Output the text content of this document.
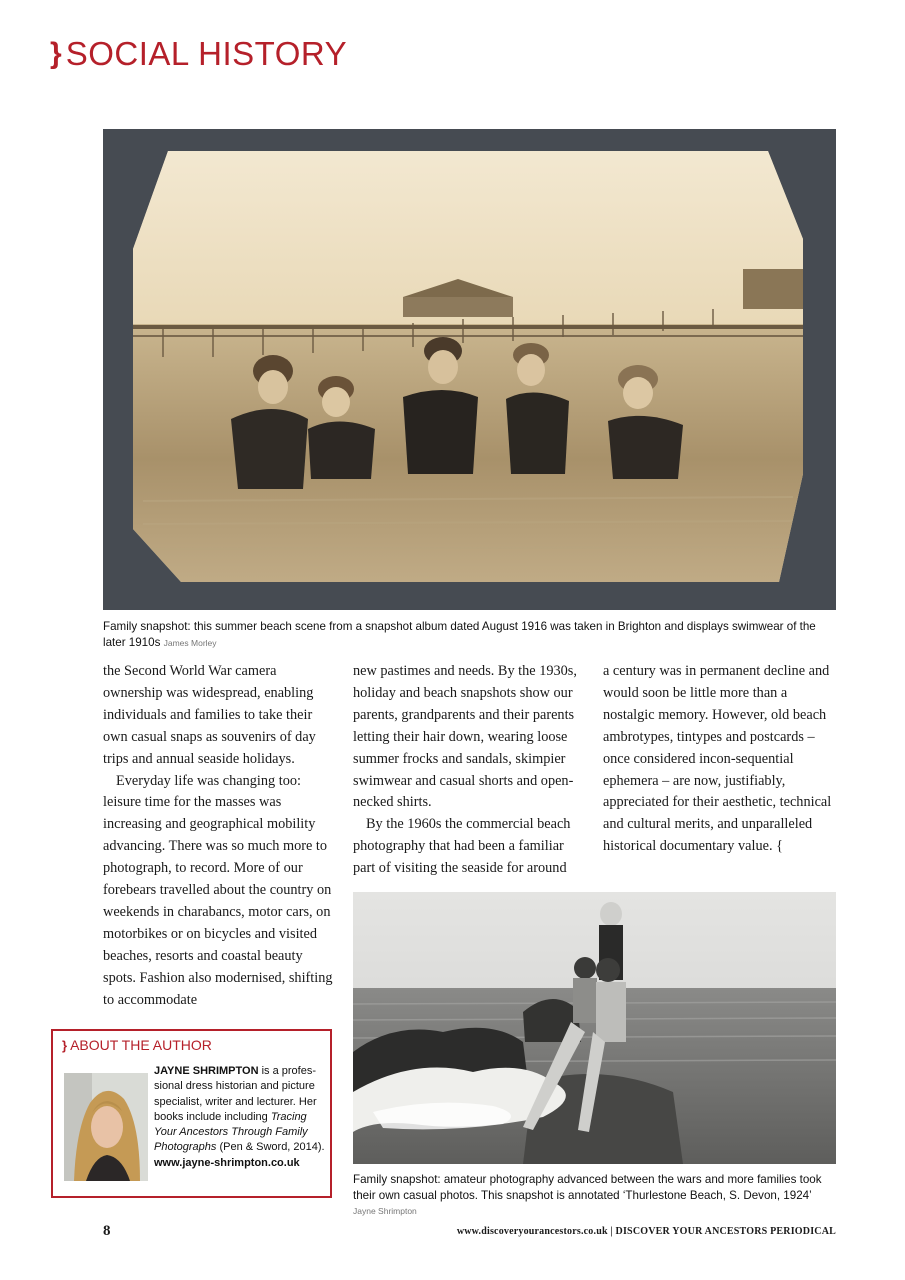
} SOCIAL HISTORY
Family snapshot: this summer beach scene from a snapshot album dated August 1916 was taken in Brighton and displays swimwear of the later 1910s James Morley

the Second World War camera ownership was widespread, enabling individuals and families to take their own casual snaps as souvenirs of day trips and annual seaside holidays.

Everyday life was changing too: leisure time for the masses was increasing and geographical mobility advancing. There was so much more to photograph, to record. More of our forebears travelled about the country on weekends in charabancs, motor cars, on motorbikes or on bicycles and visited beaches, resorts and coastal beauty spots. Fashion also modernised, shifting to accommodate

new pastimes and needs. By the 1930s, holiday and beach snapshots show our parents, grandparents and their parents letting their hair down, wearing loose summer frocks and sandals, skimpier swimwear and casual shorts and open-necked shirts.

By the 1960s the commercial beach photography that had been a familiar part of visiting the seaside for around

a century was in permanent decline and would soon be little more than a nostalgic memory. However, old beach ambrotypes, tintypes and postcards – once considered incon-sequential ephemera – are now, justifiably, appreciated for their aesthetic, technical and cultural merits, and unparalleled historical documentary value. {

Family snapshot: amateur photography advanced between the wars and more families took their own casual photos. This snapshot is annotated ‘Thurlestone Beach, S. Devon, 1924’ Jayne Shrimpton
} ABOUT THE AUTHOR
JAYNE SHRIMPTON is a profes-sional dress historian and picture specialist, writer and lecturer. Her books include including Tracing Your Ancestors Through Family Photographs (Pen & Sword, 2014). www.jayne-shrimpton.co.uk
8	www.discoveryourancestors.co.uk | DISCOVER YOUR ANCESTORS PERIODICAL
